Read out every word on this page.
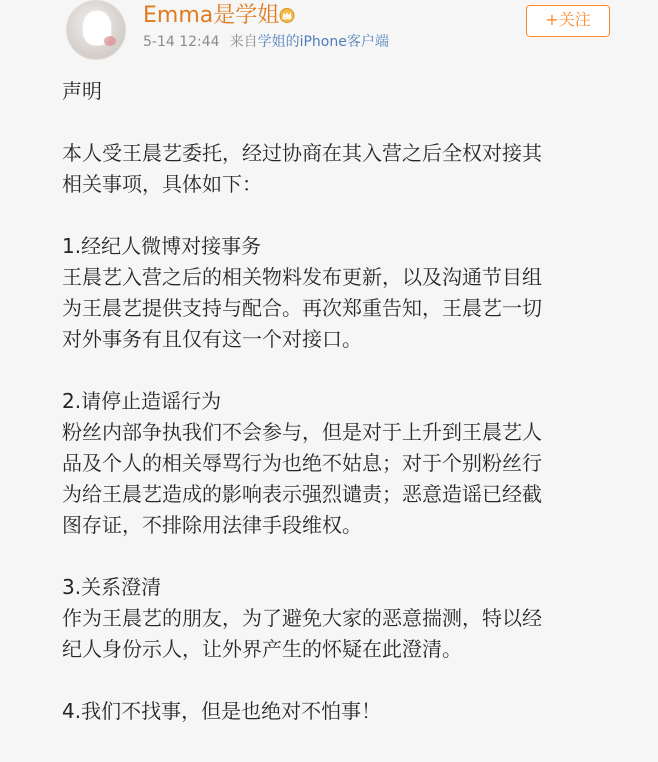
Emma是学姐
5-14 12:44 来自学姐的iPhone客户端
+关注

声明

本人受王晨艺委托，经过协商在其入营之后全权对接其

相关事项，具体如下：

1.经纪人微博对接事务

王晨艺入营之后的相关物料发布更新，以及沟通节目组

为王晨艺提供支持与配合。再次郑重告知，王晨艺一切

对外事务有且仅有这一个对接口。

2.请停止造谣行为

粉丝内部争执我们不会参与，但是对于上升到王晨艺人

品及个人的相关辱骂行为也绝不姑息；对于个别粉丝行

为给王晨艺造成的影响表示强烈谴责；恶意造谣已经截

图存证，不排除用法律手段维权。

3.关系澄清

作为王晨艺的朋友，为了避免大家的恶意揣测，特以经

纪人身份示人，让外界产生的怀疑在此澄清。

4.我们不找事，但是也绝对不怕事！
